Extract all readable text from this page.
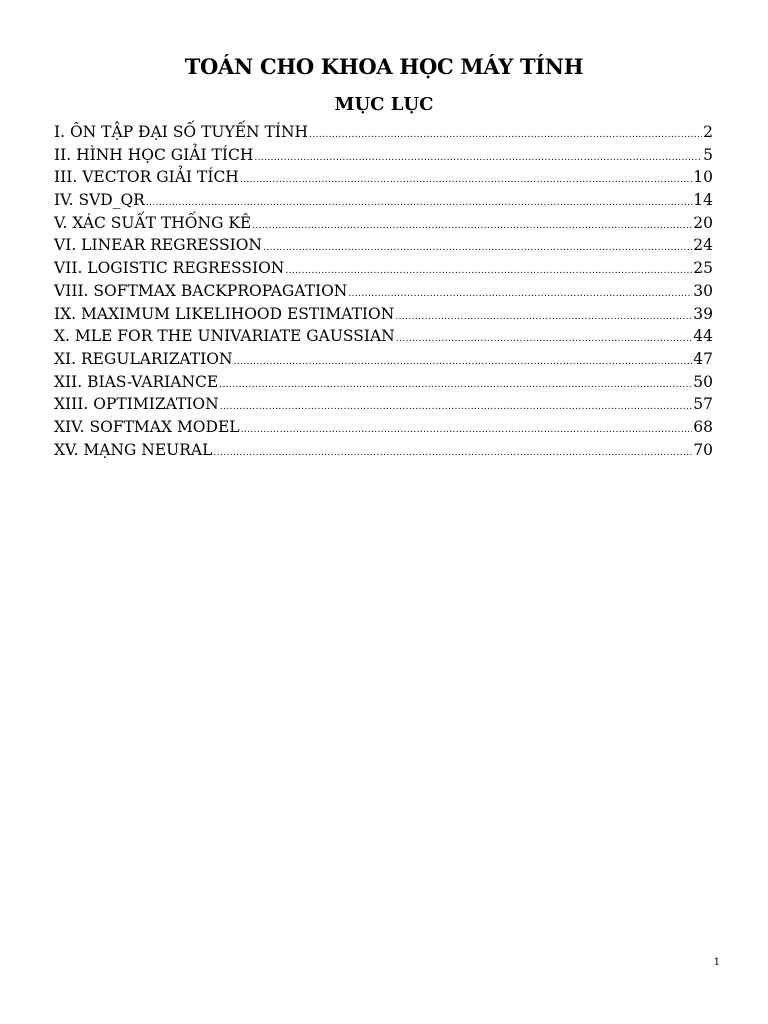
TOÁN CHO KHOA HỌC MÁY TÍNH
MỤC LỤC
I. ÔN TẬP ĐẠI SỐ TUYẾN TÍNH .....	2
II. HÌNH HỌC GIẢI TÍCH .....	5
III. VECTOR GIẢI TÍCH .....	10
IV. SVD_QR .....	14
V. XÁC SUẤT THỐNG KÊ .....	20
VI. LINEAR REGRESSION .....	24
VII. LOGISTIC REGRESSION .....	25
VIII. SOFTMAX BACKPROPAGATION .....	30
IX. MAXIMUM LIKELIHOOD ESTIMATION .....	39
X. MLE FOR THE UNIVARIATE GAUSSIAN .....	44
XI. REGULARIZATION .....	47
XII. BIAS-VARIANCE .....	50
XIII. OPTIMIZATION .....	57
XIV. SOFTMAX MODEL .....	68
XV. MẠNG NEURAL .....	70
1
